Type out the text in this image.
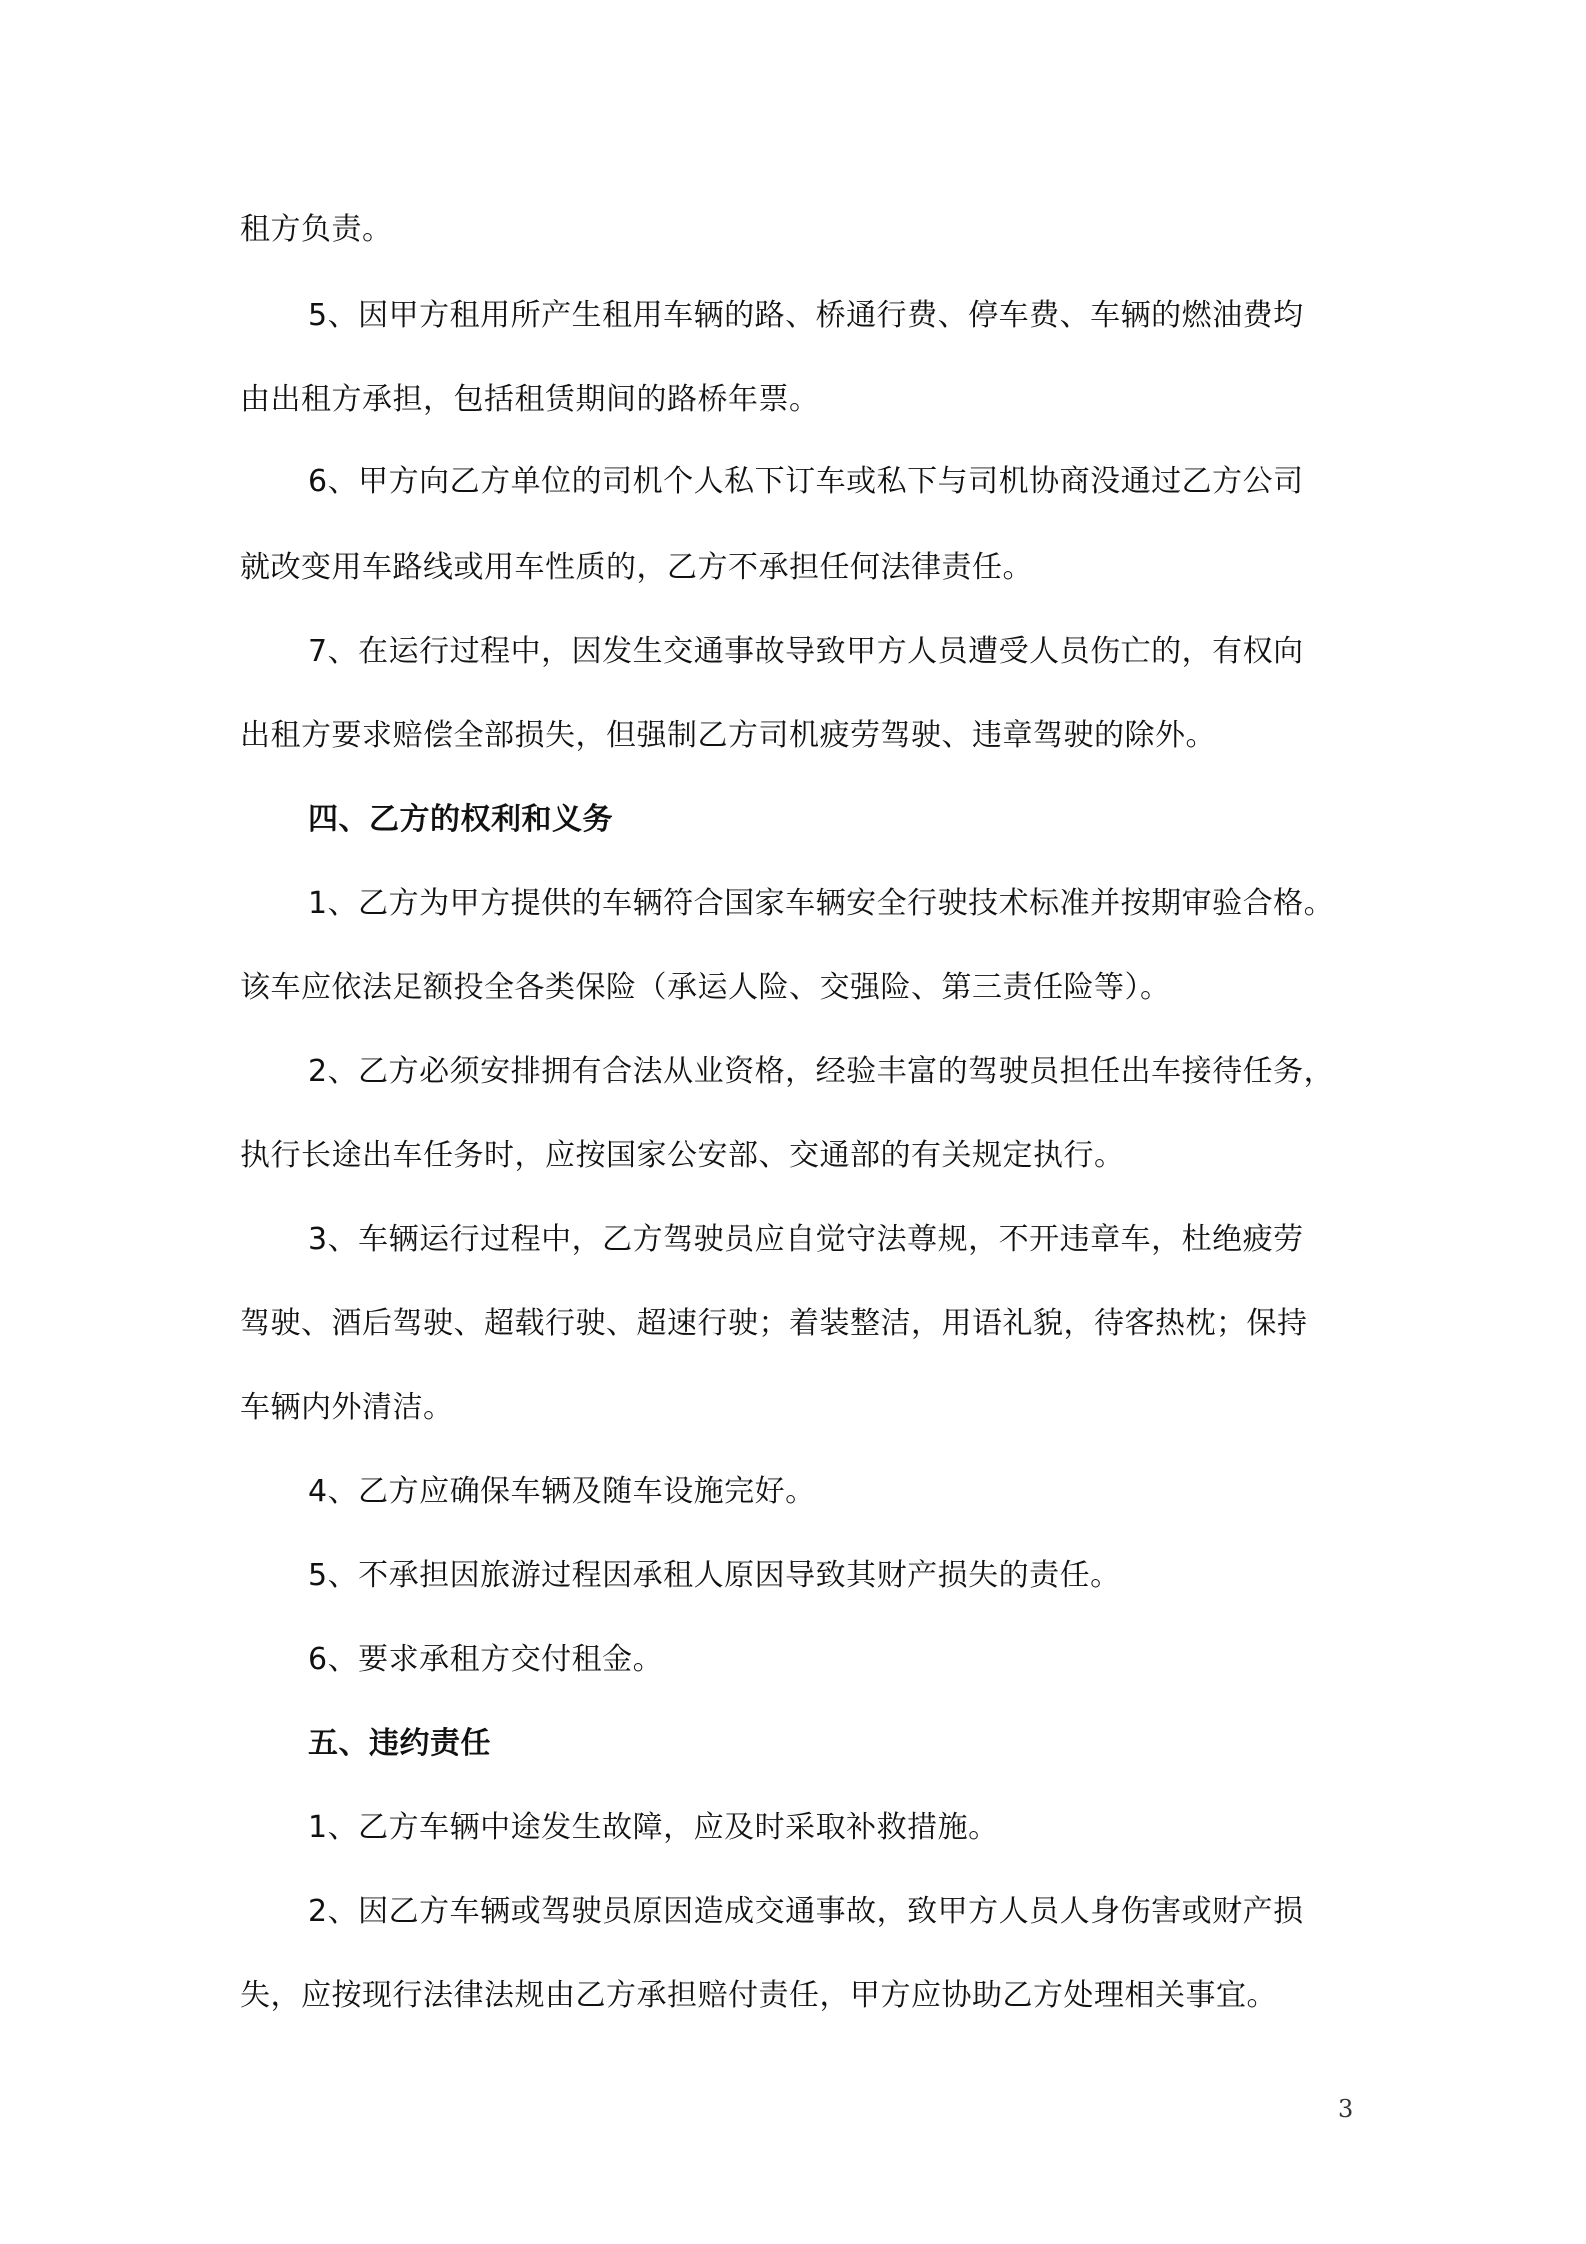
租方负责。
5、因甲方租用所产生租用车辆的路、桥通行费、停车费、车辆的燃油费均
由出租方承担，包括租赁期间的路桥年票。
6、甲方向乙方单位的司机个人私下订车或私下与司机协商没通过乙方公司
就改变用车路线或用车性质的，乙方不承担任何法律责任。
7、在运行过程中，因发生交通事故导致甲方人员遭受人员伤亡的，有权向
出租方要求赔偿全部损失，但强制乙方司机疲劳驾驶、违章驾驶的除外。
四、乙方的权利和义务
1、乙方为甲方提供的车辆符合国家车辆安全行驶技术标准并按期审验合格。
该车应依法足额投全各类保险（承运人险、交强险、第三责任险等）。
2、乙方必须安排拥有合法从业资格，经验丰富的驾驶员担任出车接待任务，
执行长途出车任务时，应按国家公安部、交通部的有关规定执行。
3、车辆运行过程中，乙方驾驶员应自觉守法尊规，不开违章车，杜绝疲劳
驾驶、酒后驾驶、超载行驶、超速行驶；着装整洁，用语礼貌，待客热枕；保持
车辆内外清洁。
4、乙方应确保车辆及随车设施完好。
5、不承担因旅游过程因承租人原因导致其财产损失的责任。
6、要求承租方交付租金。
五、违约责任
1、乙方车辆中途发生故障，应及时采取补救措施。
2、因乙方车辆或驾驶员原因造成交通事故，致甲方人员人身伤害或财产损
失，应按现行法律法规由乙方承担赔付责任，甲方应协助乙方处理相关事宜。
3
